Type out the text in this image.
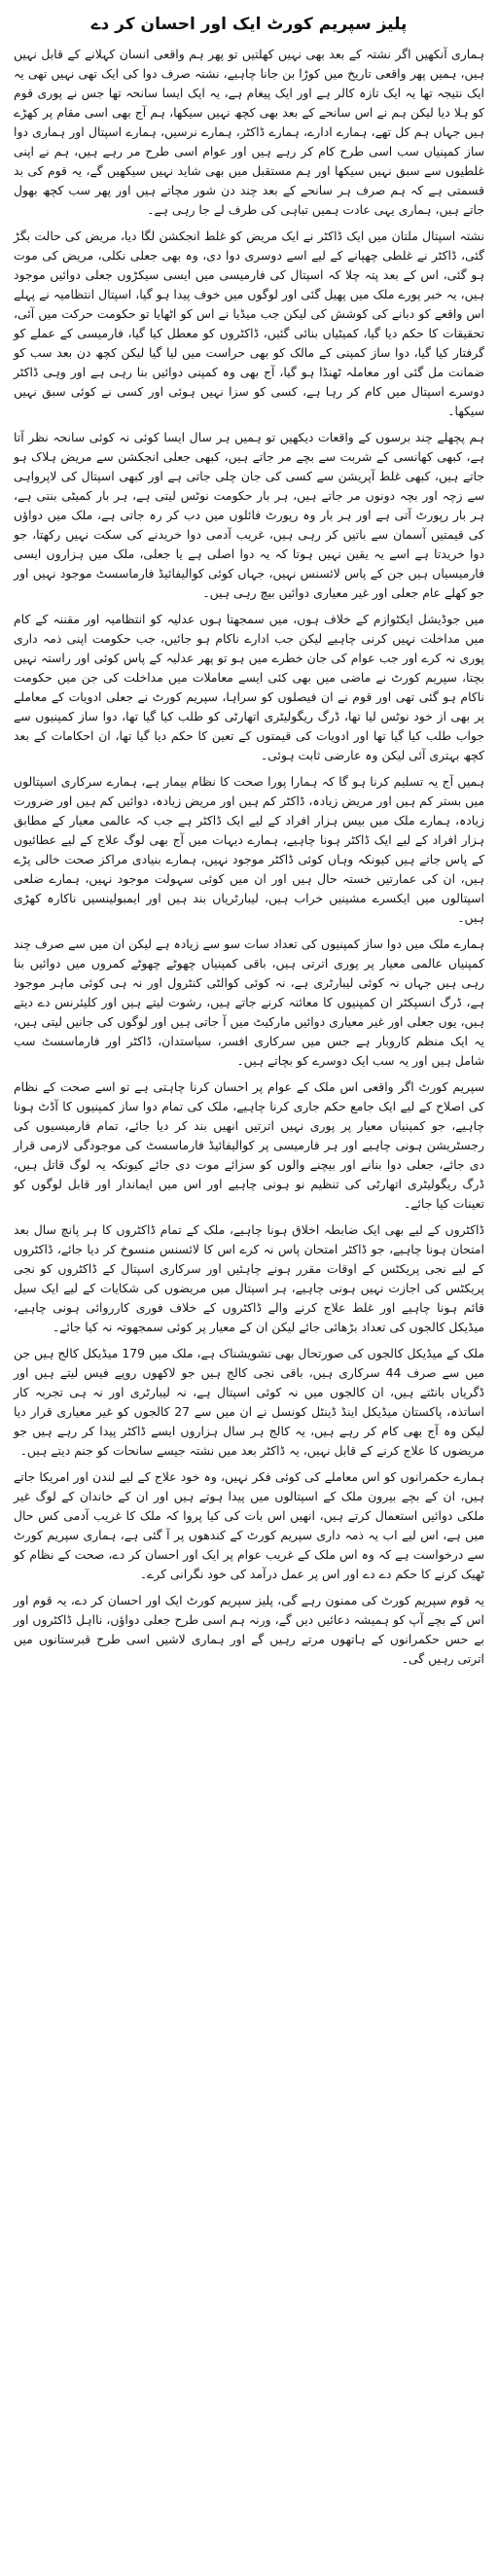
پلیز سپریم کورٹ ایک اور احسان کر دے

ہماری آنکھیں اگر نشتہ کے بعد بھی نہیں کھلتیں تو پھر ہم واقعی انسان کہلانے کے قابل نہیں ہیں، ہمیں پھر واقعی تاریخ میں کوڑا بن جانا چاہیے، نشتہ صرف دوا کی ایک تھی نہیں تھی یہ ایک نتیجہ تھا یہ ایک تازہ کالر ہے اور ایک پیغام ہے، یہ ایک ایسا سانحہ تھا جس نے پوری قوم کو ہلا دیا لیکن ہم نے اس سانحے کے بعد بھی کچھ نہیں سیکھا، ہم آج بھی اسی مقام پر کھڑے ہیں جہاں ہم کل تھے، ہمارے ادارے، ہمارے ڈاکٹر، ہمارے نرسیں، ہمارے اسپتال اور ہماری دوا ساز کمپنیاں سب اسی طرح کام کر رہے ہیں اور عوام اسی طرح مر رہے ہیں، ہم نے اپنی غلطیوں سے سبق نہیں سیکھا اور ہم مستقبل میں بھی شاید نہیں سیکھیں گے، یہ قوم کی بد قسمتی ہے کہ ہم صرف ہر سانحے کے بعد چند دن شور مچاتے ہیں اور پھر سب کچھ بھول جاتے ہیں، ہماری یہی عادت ہمیں تباہی کی طرف لے جا رہی ہے۔

نشتہ اسپتال ملتان میں ایک ڈاکٹر نے ایک مریض کو غلط انجکشن لگا دیا، مریض کی حالت بگڑ گئی، ڈاکٹر نے غلطی چھپانے کے لیے اسے دوسری دوا دی، وہ بھی جعلی نکلی، مریض کی موت ہو گئی، اس کے بعد پتہ چلا کہ اسپتال کی فارمیسی میں ایسی سیکڑوں جعلی دوائیں موجود ہیں، یہ خبر پورے ملک میں پھیل گئی اور لوگوں میں خوف پیدا ہو گیا، اسپتال انتظامیہ نے پہلے اس واقعے کو دبانے کی کوشش کی لیکن جب میڈیا نے اس کو اٹھایا تو حکومت حرکت میں آئی، تحقیقات کا حکم دیا گیا، کمیٹیاں بنائی گئیں، ڈاکٹروں کو معطل کیا گیا، فارمیسی کے عملے کو گرفتار کیا گیا، دوا ساز کمپنی کے مالک کو بھی حراست میں لیا گیا لیکن کچھ دن بعد سب کو ضمانت مل گئی اور معاملہ ٹھنڈا ہو گیا، آج بھی وہ کمپنی دوائیں بنا رہی ہے اور وہی ڈاکٹر دوسرے اسپتال میں کام کر رہا ہے، کسی کو سزا نہیں ہوئی اور کسی نے کوئی سبق نہیں سیکھا۔

ہم پچھلے چند برسوں کے واقعات دیکھیں تو ہمیں ہر سال ایسا کوئی نہ کوئی سانحہ نظر آتا ہے، کبھی کھانسی کے شربت سے بچے مر جاتے ہیں، کبھی جعلی انجکشن سے مریض ہلاک ہو جاتے ہیں، کبھی غلط آپریشن سے کسی کی جان چلی جاتی ہے اور کبھی اسپتال کی لاپرواہی سے زچہ اور بچہ دونوں مر جاتے ہیں، ہر بار حکومت نوٹس لیتی ہے، ہر بار کمیٹی بنتی ہے، ہر بار رپورٹ آتی ہے اور ہر بار وہ رپورٹ فائلوں میں دب کر رہ جاتی ہے، ملک میں دواؤں کی قیمتیں آسمان سے باتیں کر رہی ہیں، غریب آدمی دوا خریدنے کی سکت نہیں رکھتا، جو دوا خریدتا ہے اسے یہ یقین نہیں ہوتا کہ یہ دوا اصلی ہے یا جعلی، ملک میں ہزاروں ایسی فارمیسیاں ہیں جن کے پاس لائسنس نہیں، جہاں کوئی کوالیفائیڈ فارماسسٹ موجود نہیں اور جو کھلے عام جعلی اور غیر معیاری دوائیں بیچ رہی ہیں۔

میں جوڈیشل ایکٹوازم کے خلاف ہوں، میں سمجھتا ہوں عدلیہ کو انتظامیہ اور مقننہ کے کام میں مداخلت نہیں کرنی چاہیے لیکن جب ادارے ناکام ہو جائیں، جب حکومت اپنی ذمہ داری پوری نہ کرے اور جب عوام کی جان خطرے میں ہو تو پھر عدلیہ کے پاس کوئی اور راستہ نہیں بچتا، سپریم کورٹ نے ماضی میں بھی کئی ایسے معاملات میں مداخلت کی جن میں حکومت ناکام ہو گئی تھی اور قوم نے ان فیصلوں کو سراہا، سپریم کورٹ نے جعلی ادویات کے معاملے پر بھی از خود نوٹس لیا تھا، ڈرگ ریگولیٹری اتھارٹی کو طلب کیا گیا تھا، دوا ساز کمپنیوں سے جواب طلب کیا گیا تھا اور ادویات کی قیمتوں کے تعین کا حکم دیا گیا تھا، ان احکامات کے بعد کچھ بہتری آئی لیکن وہ عارضی ثابت ہوئی۔

ہمیں آج یہ تسلیم کرنا ہو گا کہ ہمارا پورا صحت کا نظام بیمار ہے، ہمارے سرکاری اسپتالوں میں بستر کم ہیں اور مریض زیادہ، ڈاکٹر کم ہیں اور مریض زیادہ، دوائیں کم ہیں اور ضرورت زیادہ، ہمارے ملک میں بیس ہزار افراد کے لیے ایک ڈاکٹر ہے جب کہ عالمی معیار کے مطابق ہزار افراد کے لیے ایک ڈاکٹر ہونا چاہیے، ہمارے دیہات میں آج بھی لوگ علاج کے لیے عطائیوں کے پاس جاتے ہیں کیونکہ وہاں کوئی ڈاکٹر موجود نہیں، ہمارے بنیادی مراکز صحت خالی پڑے ہیں، ان کی عمارتیں خستہ حال ہیں اور ان میں کوئی سہولت موجود نہیں، ہمارے ضلعی اسپتالوں میں ایکسرے مشینیں خراب ہیں، لیبارٹریاں بند ہیں اور ایمبولینسیں ناکارہ کھڑی ہیں۔

ہمارے ملک میں دوا ساز کمپنیوں کی تعداد سات سو سے زیادہ ہے لیکن ان میں سے صرف چند کمپنیاں عالمی معیار پر پوری اترتی ہیں، باقی کمپنیاں چھوٹے چھوٹے کمروں میں دوائیں بنا رہی ہیں جہاں نہ کوئی لیبارٹری ہے، نہ کوئی کوالٹی کنٹرول اور نہ ہی کوئی ماہر موجود ہے، ڈرگ انسپکٹر ان کمپنیوں کا معائنہ کرنے جاتے ہیں، رشوت لیتے ہیں اور کلیئرنس دے دیتے ہیں، یوں جعلی اور غیر معیاری دوائیں مارکیٹ میں آ جاتی ہیں اور لوگوں کی جانیں لیتی ہیں، یہ ایک منظم کاروبار ہے جس میں سرکاری افسر، سیاستدان، ڈاکٹر اور فارماسسٹ سب شامل ہیں اور یہ سب ایک دوسرے کو بچاتے ہیں۔

سپریم کورٹ اگر واقعی اس ملک کے عوام پر احسان کرنا چاہتی ہے تو اسے صحت کے نظام کی اصلاح کے لیے ایک جامع حکم جاری کرنا چاہیے، ملک کی تمام دوا ساز کمپنیوں کا آڈٹ ہونا چاہیے، جو کمپنیاں معیار پر پوری نہیں اترتیں انھیں بند کر دیا جائے، تمام فارمیسیوں کی رجسٹریشن ہونی چاہیے اور ہر فارمیسی پر کوالیفائیڈ فارماسسٹ کی موجودگی لازمی قرار دی جائے، جعلی دوا بنانے اور بیچنے والوں کو سزائے موت دی جائے کیونکہ یہ لوگ قاتل ہیں، ڈرگ ریگولیٹری اتھارٹی کی تنظیم نو ہونی چاہیے اور اس میں ایماندار اور قابل لوگوں کو تعینات کیا جائے۔

ڈاکٹروں کے لیے بھی ایک ضابطہ اخلاق ہونا چاہیے، ملک کے تمام ڈاکٹروں کا ہر پانچ سال بعد امتحان ہونا چاہیے، جو ڈاکٹر امتحان پاس نہ کرے اس کا لائسنس منسوخ کر دیا جائے، ڈاکٹروں کے لیے نجی پریکٹس کے اوقات مقرر ہونے چاہئیں اور سرکاری اسپتال کے ڈاکٹروں کو نجی پریکٹس کی اجازت نہیں ہونی چاہیے، ہر اسپتال میں مریضوں کی شکایات کے لیے ایک سیل قائم ہونا چاہیے اور غلط علاج کرنے والے ڈاکٹروں کے خلاف فوری کارروائی ہونی چاہیے، میڈیکل کالجوں کی تعداد بڑھائی جائے لیکن ان کے معیار پر کوئی سمجھوتہ نہ کیا جائے۔

ملک کے میڈیکل کالجوں کی صورتحال بھی تشویشناک ہے، ملک میں 179 میڈیکل کالج ہیں جن میں سے صرف 44 سرکاری ہیں، باقی نجی کالج ہیں جو لاکھوں روپے فیس لیتے ہیں اور ڈگریاں بانٹتے ہیں، ان کالجوں میں نہ کوئی اسپتال ہے، نہ لیبارٹری اور نہ ہی تجربہ کار اساتذہ، پاکستان میڈیکل اینڈ ڈینٹل کونسل نے ان میں سے 27 کالجوں کو غیر معیاری قرار دیا لیکن وہ آج بھی کام کر رہے ہیں، یہ کالج ہر سال ہزاروں ایسے ڈاکٹر پیدا کر رہے ہیں جو مریضوں کا علاج کرنے کے قابل نہیں، یہ ڈاکٹر بعد میں نشتہ جیسے سانحات کو جنم دیتے ہیں۔

ہمارے حکمرانوں کو اس معاملے کی کوئی فکر نہیں، وہ خود علاج کے لیے لندن اور امریکا جاتے ہیں، ان کے بچے بیرون ملک کے اسپتالوں میں پیدا ہوتے ہیں اور ان کے خاندان کے لوگ غیر ملکی دوائیں استعمال کرتے ہیں، انھیں اس بات کی کیا پروا کہ ملک کا غریب آدمی کس حال میں ہے، اس لیے اب یہ ذمہ داری سپریم کورٹ کے کندھوں پر آ گئی ہے، ہماری سپریم کورٹ سے درخواست ہے کہ وہ اس ملک کے غریب عوام پر ایک اور احسان کر دے، صحت کے نظام کو ٹھیک کرنے کا حکم دے دے اور اس پر عمل درآمد کی خود نگرانی کرے۔

یہ قوم سپریم کورٹ کی ممنون رہے گی، پلیز سپریم کورٹ ایک اور احسان کر دے، یہ قوم اور اس کے بچے آپ کو ہمیشہ دعائیں دیں گے، ورنہ ہم اسی طرح جعلی دواؤں، نااہل ڈاکٹروں اور بے حس حکمرانوں کے ہاتھوں مرتے رہیں گے اور ہماری لاشیں اسی طرح قبرستانوں میں اترتی رہیں گی۔
